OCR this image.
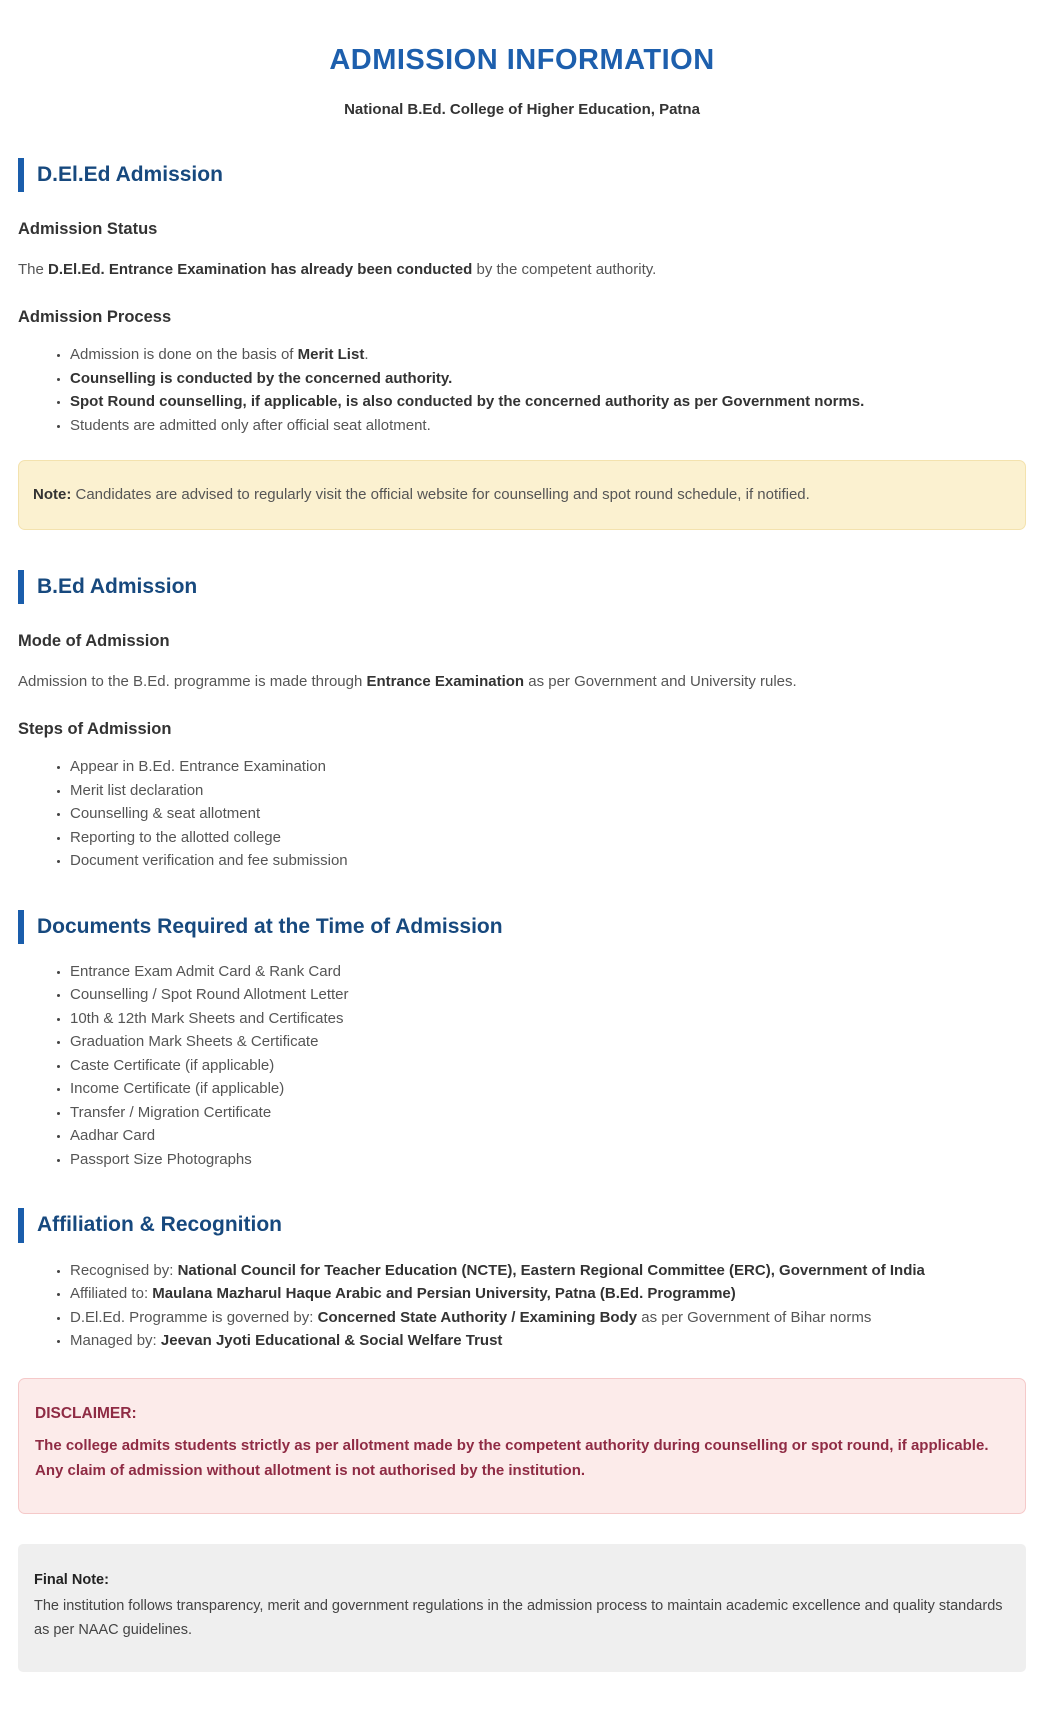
ADMISSION INFORMATION
National B.Ed. College of Higher Education, Patna
D.El.Ed Admission
Admission Status

The D.El.Ed. Entrance Examination has already been conducted by the competent authority.

Admission Process
• Admission is done on the basis of Merit List.
• Counselling is conducted by the concerned authority.
• Spot Round counselling, if applicable, is also conducted by the concerned authority as per Government norms.
• Students are admitted only after official seat allotment.
Note: Candidates are advised to regularly visit the official website for counselling and spot round schedule, if notified.
B.Ed Admission
Mode of Admission

Admission to the B.Ed. programme is made through Entrance Examination as per Government and University rules.

Steps of Admission
• Appear in B.Ed. Entrance Examination
• Merit list declaration
• Counselling & seat allotment
• Reporting to the allotted college
• Document verification and fee submission
Documents Required at the Time of Admission
• Entrance Exam Admit Card & Rank Card
• Counselling / Spot Round Allotment Letter
• 10th & 12th Mark Sheets and Certificates
• Graduation Mark Sheets & Certificate
• Caste Certificate (if applicable)
• Income Certificate (if applicable)
• Transfer / Migration Certificate
• Aadhar Card
• Passport Size Photographs
Affiliation & Recognition
• Recognised by: National Council for Teacher Education (NCTE), Eastern Regional Committee (ERC), Government of India
• Affiliated to: Maulana Mazharul Haque Arabic and Persian University, Patna (B.Ed. Programme)
• D.El.Ed. Programme is governed by: Concerned State Authority / Examining Body as per Government of Bihar norms
• Managed by: Jeevan Jyoti Educational & Social Welfare Trust
DISCLAIMER:
The college admits students strictly as per allotment made by the competent authority during counselling or spot round, if applicable. Any claim of admission without allotment is not authorised by the institution.
Final Note:
The institution follows transparency, merit and government regulations in the admission process to maintain academic excellence and quality standards as per NAAC guidelines.
